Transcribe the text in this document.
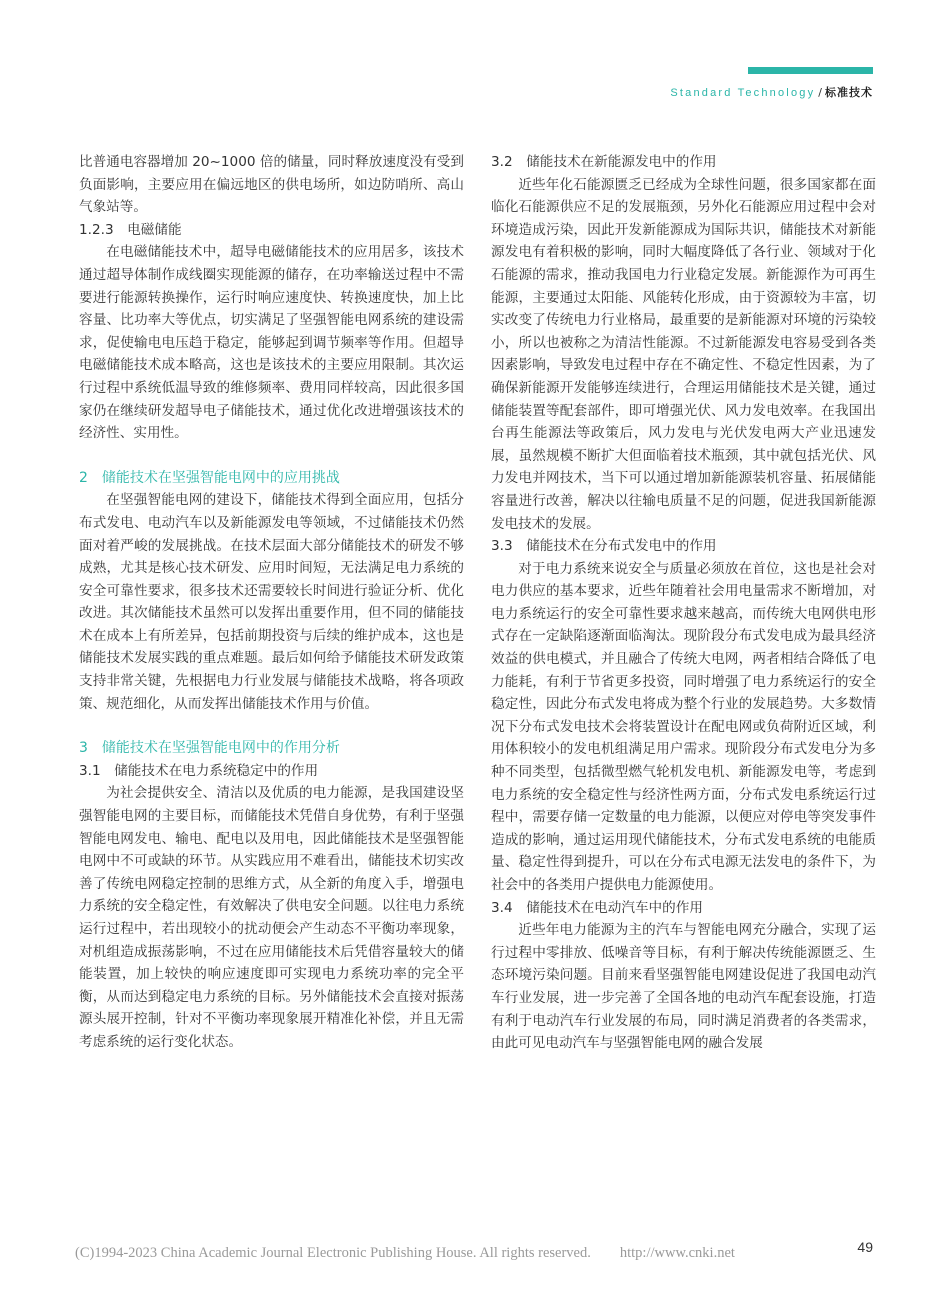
Standard Technology / 标准技术

比普通电容器增加 20~1000 倍的储量，同时释放速度没有受到负面影响，主要应用在偏远地区的供电场所，如边防哨所、高山气象站等。

1.2.3　电磁储能

在电磁储能技术中，超导电磁储能技术的应用居多，该技术通过超导体制作成线圈实现能源的储存，在功率输送过程中不需要进行能源转换操作，运行时响应速度快、转换速度快，加上比容量、比功率大等优点，切实满足了坚强智能电网系统的建设需求，促使输电电压趋于稳定，能够起到调节频率等作用。但超导电磁储能技术成本略高，这也是该技术的主要应用限制。其次运行过程中系统低温导致的维修频率、费用同样较高，因此很多国家仍在继续研发超导电子储能技术，通过优化改进增强该技术的经济性、实用性。

2　储能技术在坚强智能电网中的应用挑战

在坚强智能电网的建设下，储能技术得到全面应用，包括分布式发电、电动汽车以及新能源发电等领域，不过储能技术仍然面对着严峻的发展挑战。在技术层面大部分储能技术的研发不够成熟，尤其是核心技术研发、应用时间短，无法满足电力系统的安全可靠性要求，很多技术还需要较长时间进行验证分析、优化改进。其次储能技术虽然可以发挥出重要作用，但不同的储能技术在成本上有所差异，包括前期投资与后续的维护成本，这也是储能技术发展实践的重点难题。最后如何给予储能技术研发政策支持非常关键，先根据电力行业发展与储能技术战略，将各项政策、规范细化，从而发挥出储能技术作用与价值。

3　储能技术在坚强智能电网中的作用分析

3.1　储能技术在电力系统稳定中的作用

为社会提供安全、清洁以及优质的电力能源，是我国建设坚强智能电网的主要目标，而储能技术凭借自身优势，有利于坚强智能电网发电、输电、配电以及用电，因此储能技术是坚强智能电网中不可或缺的环节。从实践应用不难看出，储能技术切实改善了传统电网稳定控制的思维方式，从全新的角度入手，增强电力系统的安全稳定性，有效解决了供电安全问题。以往电力系统运行过程中，若出现较小的扰动便会产生动态不平衡功率现象，对机组造成振荡影响，不过在应用储能技术后凭借容量较大的储能装置，加上较快的响应速度即可实现电力系统功率的完全平衡，从而达到稳定电力系统的目标。另外储能技术会直接对振荡源头展开控制，针对不平衡功率现象展开精准化补偿，并且无需考虑系统的运行变化状态。

3.2　储能技术在新能源发电中的作用

近些年化石能源匮乏已经成为全球性问题，很多国家都在面临化石能源供应不足的发展瓶颈，另外化石能源应用过程中会对环境造成污染，因此开发新能源成为国际共识，储能技术对新能源发电有着积极的影响，同时大幅度降低了各行业、领域对于化石能源的需求，推动我国电力行业稳定发展。新能源作为可再生能源，主要通过太阳能、风能转化形成，由于资源较为丰富，切实改变了传统电力行业格局，最重要的是新能源对环境的污染较小，所以也被称之为清洁性能源。不过新能源发电容易受到各类因素影响，导致发电过程中存在不确定性、不稳定性因素，为了确保新能源开发能够连续进行，合理运用储能技术是关键，通过储能装置等配套部件，即可增强光伏、风力发电效率。在我国出台再生能源法等政策后，风力发电与光伏发电两大产业迅速发展，虽然规模不断扩大但面临着技术瓶颈，其中就包括光伏、风力发电并网技术，当下可以通过增加新能源装机容量、拓展储能容量进行改善，解决以往输电质量不足的问题，促进我国新能源发电技术的发展。

3.3　储能技术在分布式发电中的作用

对于电力系统来说安全与质量必须放在首位，这也是社会对电力供应的基本要求，近些年随着社会用电量需求不断增加，对电力系统运行的安全可靠性要求越来越高，而传统大电网供电形式存在一定缺陷逐渐面临淘汰。现阶段分布式发电成为最具经济效益的供电模式，并且融合了传统大电网，两者相结合降低了电力能耗，有利于节省更多投资，同时增强了电力系统运行的安全稳定性，因此分布式发电将成为整个行业的发展趋势。大多数情况下分布式发电技术会将装置设计在配电网或负荷附近区域，利用体积较小的发电机组满足用户需求。现阶段分布式发电分为多种不同类型，包括微型燃气轮机发电机、新能源发电等，考虑到电力系统的安全稳定性与经济性两方面，分布式发电系统运行过程中，需要存储一定数量的电力能源，以便应对停电等突发事件造成的影响，通过运用现代储能技术，分布式发电系统的电能质量、稳定性得到提升，可以在分布式电源无法发电的条件下，为社会中的各类用户提供电力能源使用。

3.4　储能技术在电动汽车中的作用

近些年电力能源为主的汽车与智能电网充分融合，实现了运行过程中零排放、低噪音等目标，有利于解决传统能源匮乏、生态环境污染问题。目前来看坚强智能电网建设促进了我国电动汽车行业发展，进一步完善了全国各地的电动汽车配套设施，打造有利于电动汽车行业发展的布局，同时满足消费者的各类需求，由此可见电动汽车与坚强智能电网的融合发展

(C)1994-2023 China Academic Journal Electronic Publishing House. All rights reserved.　　http://www.cnki.net	49
